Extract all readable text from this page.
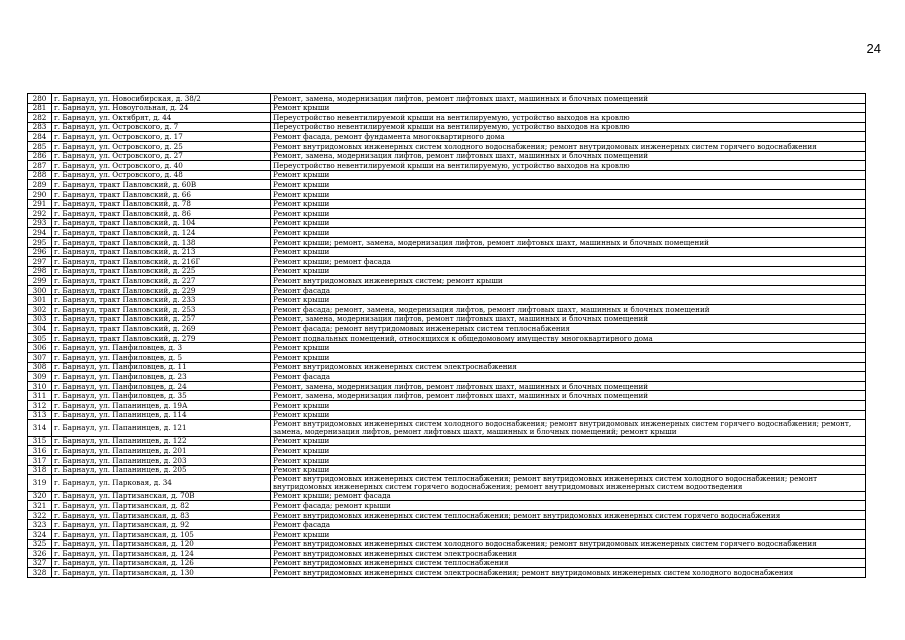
24
280	г. Барнаул, ул. Новосибирская, д. 38/2	Ремонт, замена, модернизация лифтов, ремонт лифтовых шахт, машинных и блочных помещений
281	г. Барнаул, ул. Новоугольная, д. 24	Ремонт крыши
282	г. Барнаул, ул. Октябрят, д. 44	Переустройство невентилируемой крыши на вентилируемую, устройство выходов на кровлю
283	г. Барнаул, ул. Островского, д. 7	Переустройство невентилируемой крыши на вентилируемую, устройство выходов на кровлю
284	г. Барнаул, ул. Островского, д. 17	Ремонт фасада, ремонт фундамента многоквартирного дома
285	г. Барнаул, ул. Островского, д. 25	Ремонт внутридомовых инженерных систем холодного водоснабжения; ремонт внутридомовых инженерных систем горячего водоснабжения
286	г. Барнаул, ул. Островского, д. 27	Ремонт, замена, модернизация лифтов, ремонт лифтовых шахт, машинных и блочных помещений
287	г. Барнаул, ул. Островского, д. 40	Переустройство невентилируемой крыши на вентилируемую, устройство выходов на кровлю
288	г. Барнаул, ул. Островского, д. 48	Ремонт крыши
289	г. Барнаул, тракт Павловский, д. 60В	Ремонт крыши
290	г. Барнаул, тракт Павловский, д. 66	Ремонт крыши
291	г. Барнаул, тракт Павловский, д. 78	Ремонт крыши
292	г. Барнаул, тракт Павловский, д. 86	Ремонт крыши
293	г. Барнаул, тракт Павловский, д. 104	Ремонт крыши
294	г. Барнаул, тракт Павловский, д. 124	Ремонт крыши
295	г. Барнаул, тракт Павловский, д. 138	Ремонт крыши; ремонт, замена, модернизация лифтов, ремонт лифтовых шахт, машинных и блочных помещений
296	г. Барнаул, тракт Павловский, д. 213	Ремонт крыши
297	г. Барнаул, тракт Павловский, д. 216Г	Ремонт крыши; ремонт фасада
298	г. Барнаул, тракт Павловский, д. 225	Ремонт крыши
299	г. Барнаул, тракт Павловский, д. 227	Ремонт внутридомовых инженерных систем; ремонт крыши
300	г. Барнаул, тракт Павловский, д. 229	Ремонт фасада
301	г. Барнаул, тракт Павловский, д. 233	Ремонт крыши
302	г. Барнаул, тракт Павловский, д. 253	Ремонт фасада; ремонт, замена, модернизация лифтов, ремонт лифтовых шахт, машинных и блочных помещений
303	г. Барнаул, тракт Павловский, д. 257	Ремонт, замена, модернизация лифтов, ремонт лифтовых шахт, машинных и блочных помещений
304	г. Барнаул, тракт Павловский, д. 269	Ремонт фасада; ремонт внутридомовых инженерных систем теплоснабжения
305	г. Барнаул, тракт Павловский, д. 279	Ремонт подвальных помещений, относящихся к общедомовому имуществу многоквартирного дома
306	г. Барнаул, ул. Панфиловцев, д. 3	Ремонт крыши
307	г. Барнаул, ул. Панфиловцев, д. 5	Ремонт крыши
308	г. Барнаул, ул. Панфиловцев, д. 11	Ремонт внутридомовых инженерных систем электроснабжения
309	г. Барнаул, ул. Панфиловцев, д. 23	Ремонт фасада
310	г. Барнаул, ул. Панфиловцев, д. 24	Ремонт, замена, модернизация лифтов, ремонт лифтовых шахт, машинных и блочных помещений
311	г. Барнаул, ул. Панфиловцев, д. 35	Ремонт, замена, модернизация лифтов, ремонт лифтовых шахт, машинных и блочных помещений
312	г. Барнаул, ул. Папанинцев, д. 19А	Ремонт крыши
313	г. Барнаул, ул. Папанинцев, д. 114	Ремонт крыши
314	г. Барнаул, ул. Папанинцев, д. 121	Ремонт внутридомовых инженерных систем холодного водоснабжения; ремонт внутридомовых инженерных систем горячего водоснабжения; ремонт, замена, модернизация лифтов, ремонт лифтовых шахт, машинных и блочных помещений; ремонт крыши
315	г. Барнаул, ул. Папанинцев, д. 122	Ремонт крыши
316	г. Барнаул, ул. Папанинцев, д. 201	Ремонт крыши
317	г. Барнаул, ул. Папанинцев, д. 203	Ремонт крыши
318	г. Барнаул, ул. Папанинцев, д. 205	Ремонт крыши
319	г. Барнаул, ул. Парковая, д. 34	Ремонт внутридомовых инженерных систем теплоснабжения; ремонт внутридомовых инженерных систем холодного водоснабжения; ремонт внутридомовых инженерных систем горячего водоснабжения; ремонт внутридомовых инженерных систем водоотведения
320	г. Барнаул, ул. Партизанская, д. 70В	Ремонт крыши; ремонт фасада
321	г. Барнаул, ул. Партизанская, д. 82	Ремонт фасада; ремонт крыши
322	г. Барнаул, ул. Партизанская, д. 83	Ремонт внутридомовых инженерных систем теплоснабжения; ремонт внутридомовых инженерных систем горячего водоснабжения
323	г. Барнаул, ул. Партизанская, д. 92	Ремонт фасада
324	г. Барнаул, ул. Партизанская, д. 105	Ремонт крыши
325	г. Барнаул, ул. Партизанская, д. 120	Ремонт внутридомовых инженерных систем холодного водоснабжения; ремонт внутридомовых инженерных систем горячего водоснабжения
326	г. Барнаул, ул. Партизанская, д. 124	Ремонт внутридомовых инженерных систем электроснабжения
327	г. Барнаул, ул. Партизанская, д. 126	Ремонт внутридомовых инженерных систем теплоснабжения
328	г. Барнаул, ул. Партизанская, д. 130	Ремонт внутридомовых инженерных систем электроснабжения; ремонт внутридомовых инженерных систем холодного водоснабжения
